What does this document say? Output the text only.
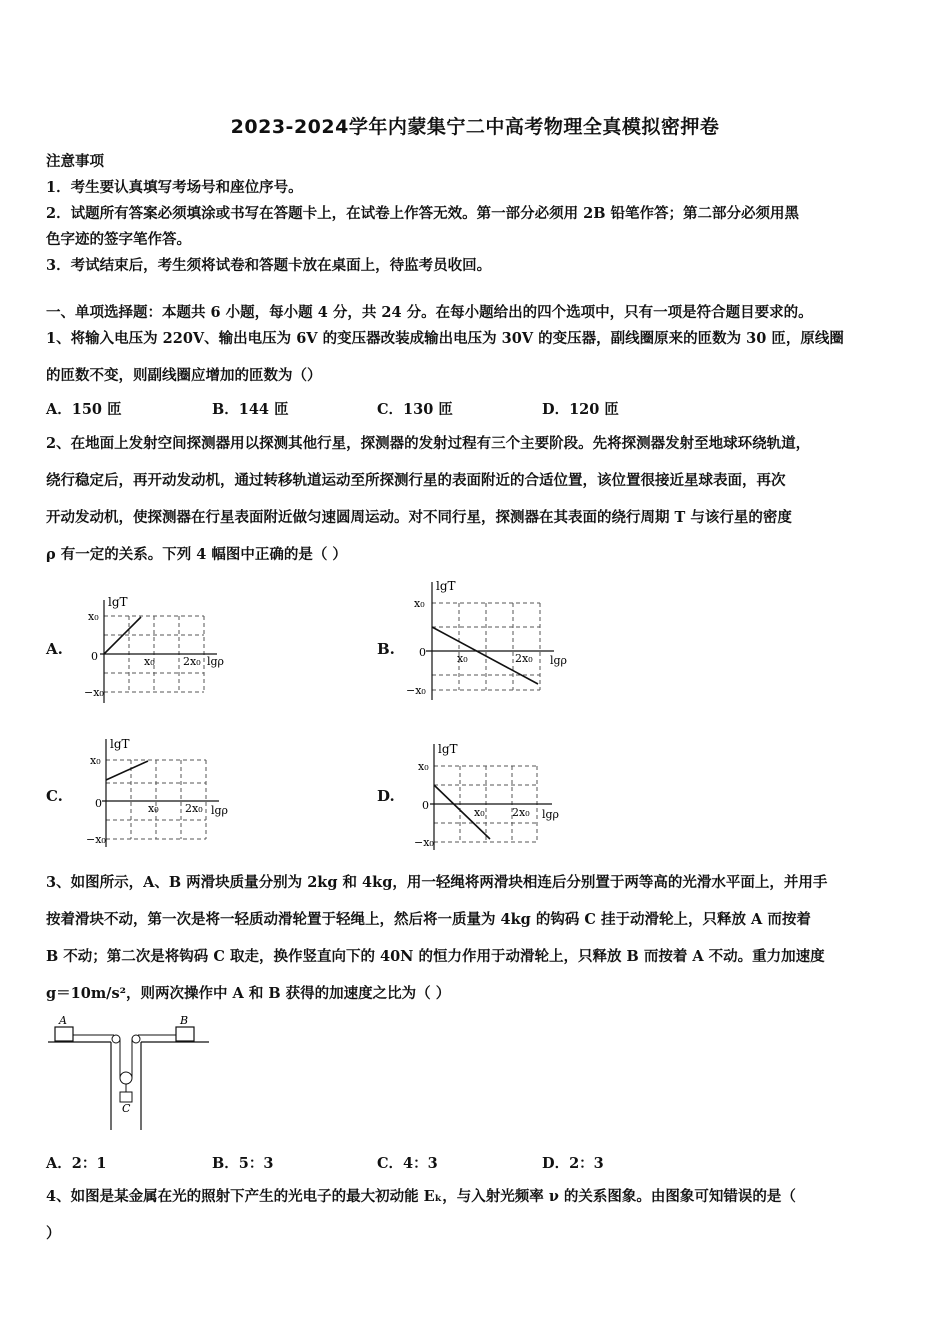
2023-2024学年内蒙集宁二中高考物理全真模拟密押卷
注意事项
1．考生要认真填写考场号和座位序号。
2．试题所有答案必须填涂或书写在答题卡上，在试卷上作答无效。第一部分必须用 2B 铅笔作答；第二部分必须用黑
色字迹的签字笔作答。
3．考试结束后，考生须将试卷和答题卡放在桌面上，待监考员收回。
一、单项选择题：本题共 6 小题，每小题 4 分，共 24 分。在每小题给出的四个选项中，只有一项是符合题目要求的。
1、将输入电压为 220V、输出电压为 6V 的变压器改装成输出电压为 30V 的变压器，副线圈原来的匝数为 30 匝，原线圈
的匝数不变，则副线圈应增加的匝数为（）
A．150 匝	B．144 匝	C．130 匝	D．120 匝
2、在地面上发射空间探测器用以探测其他行星，探测器的发射过程有三个主要阶段。先将探测器发射至地球环绕轨道，
绕行稳定后，再开动发动机，通过转移轨道运动至所探测行星的表面附近的合适位置，该位置很接近星球表面，再次
开动发动机，使探测器在行星表面附近做匀速圆周运动。对不同行星，探测器在其表面的绕行周期 T 与该行星的密度
ρ 有一定的关系。下列 4 幅图中正确的是（ ）
A.
lgT
lgρ
x₀
0
−x₀
x₀	2x₀
B.
lgT
lgρ
x₀
0
−x₀
x₀	2x₀
C.
lgT
lgρ
x₀
0
−x₀
x₀ 2x₀
D.
lgT
lgρ
x₀
0
−x₀
x₀ 2x₀
3、如图所示，A、B 两滑块质量分别为 2kg 和 4kg，用一轻绳将两滑块相连后分别置于两等高的光滑水平面上，并用手
按着滑块不动，第一次是将一轻质动滑轮置于轻绳上，然后将一质量为 4kg 的钩码 C 挂于动滑轮上，只释放 A 而按着
B 不动；第二次是将钩码 C 取走，换作竖直向下的 40N 的恒力作用于动滑轮上，只释放 B 而按着 A 不动。重力加速度
g＝10m/s²，则两次操作中 A 和 B 获得的加速度之比为（ ）
A	B
C
A．2：1	B．5：3	C．4：3	D．2：3
4、如图是某金属在光的照射下产生的光电子的最大初动能 Eₖ，与入射光频率 ν 的关系图象。由图象可知错误的是（
）
